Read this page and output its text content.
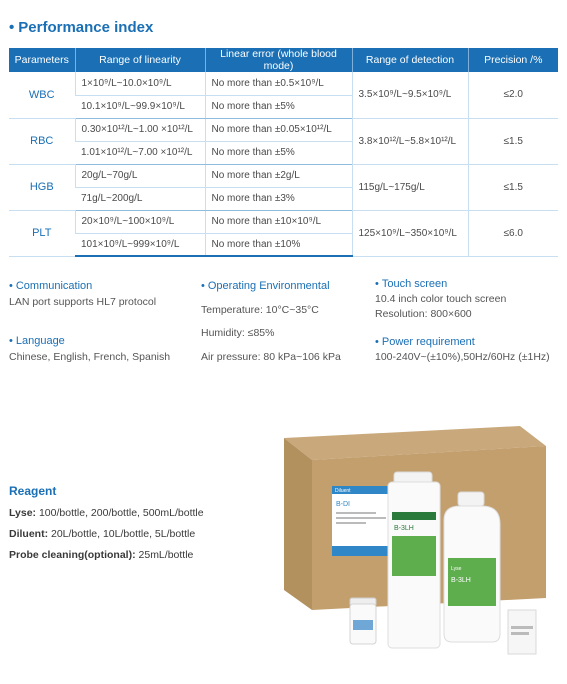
• Performance index
Parameters	Range of linearity	Linear error (whole blood mode)	Range of detection	Precision /%
WBC	1×10⁹/L~10.0×10⁹/L	No more than ±0.5×10⁹/L	3.5×10⁹/L~9.5×10⁹/L	≤2.0
	10.1×10⁹/L~99.9×10⁹/L	No more than ±5%		
RBC	0.30×10¹²/L~1.00 ×10¹²/L	No more than ±0.05×10¹²/L	3.8×10¹²/L~5.8×10¹²/L	≤1.5
	1.01×10¹²/L~7.00 ×10¹²/L	No more than ±5%		
HGB	20g/L~70g/L	No more than ±2g/L	115g/L~175g/L	≤1.5
	71g/L~200g/L	No more than ±3%		
PLT	20×10⁹/L~100×10⁹/L	No more than ±10×10⁹/L	125×10⁹/L~350×10⁹/L	≤6.0
	101×10⁹/L~999×10⁹/L	No more than ±10%		
• Communication
LAN port supports HL7 protocol
• Language
Chinese, English, French, Spanish
• Operating Environmental
Temperature: 10°C~35°C
Humidity: ≤85%
Air pressure: 80 kPa~106 kPa
• Touch screen
10.4 inch color touch screen
Resolution: 800×600
• Power requirement
100-240V~(±10%),50Hz/60Hz (±1Hz)
Reagent
Lyse: 100/bottle, 200/bottle, 500mL/bottle
Diluent: 20L/bottle, 10L/bottle, 5L/bottle
Probe cleaning(optional): 25mL/bottle
Diluent
B-DI
B-3LH
Lyse
B-3LH
